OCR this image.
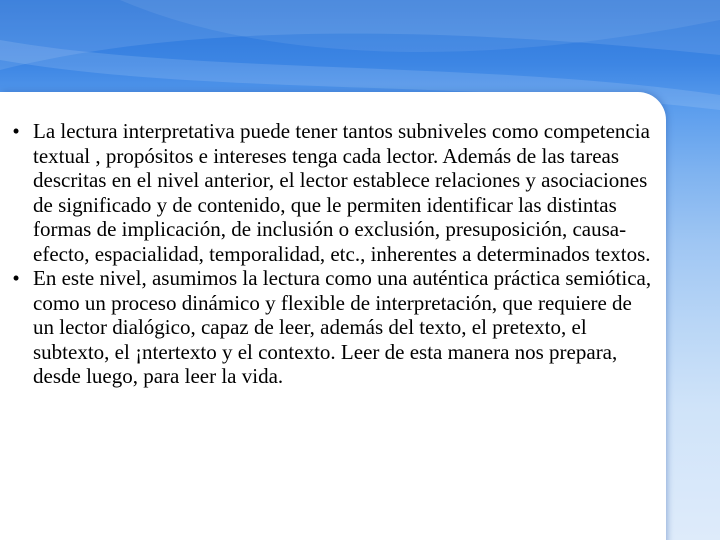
• La lectura interpretativa puede tener tantos subniveles como competencia textual , propósitos e intereses tenga cada lector. Además de las tareas descritas en el nivel anterior, el lector establece relaciones y asociaciones de significado y de contenido, que le permiten identificar las distintas formas de implicación, de inclusión o exclusión, presuposición, causa-efecto, espacialidad, temporalidad, etc., inherentes a determinados textos.
• En este nivel, asumimos la lectura como una auténtica práctica semiótica, como un proceso dinámico y flexible de interpretación, que requiere de un lector dialógico, capaz de leer, además del texto, el pretexto, el subtexto, el ¡ntertexto y el contexto. Leer de esta manera nos prepara, desde luego, para leer la vida.
